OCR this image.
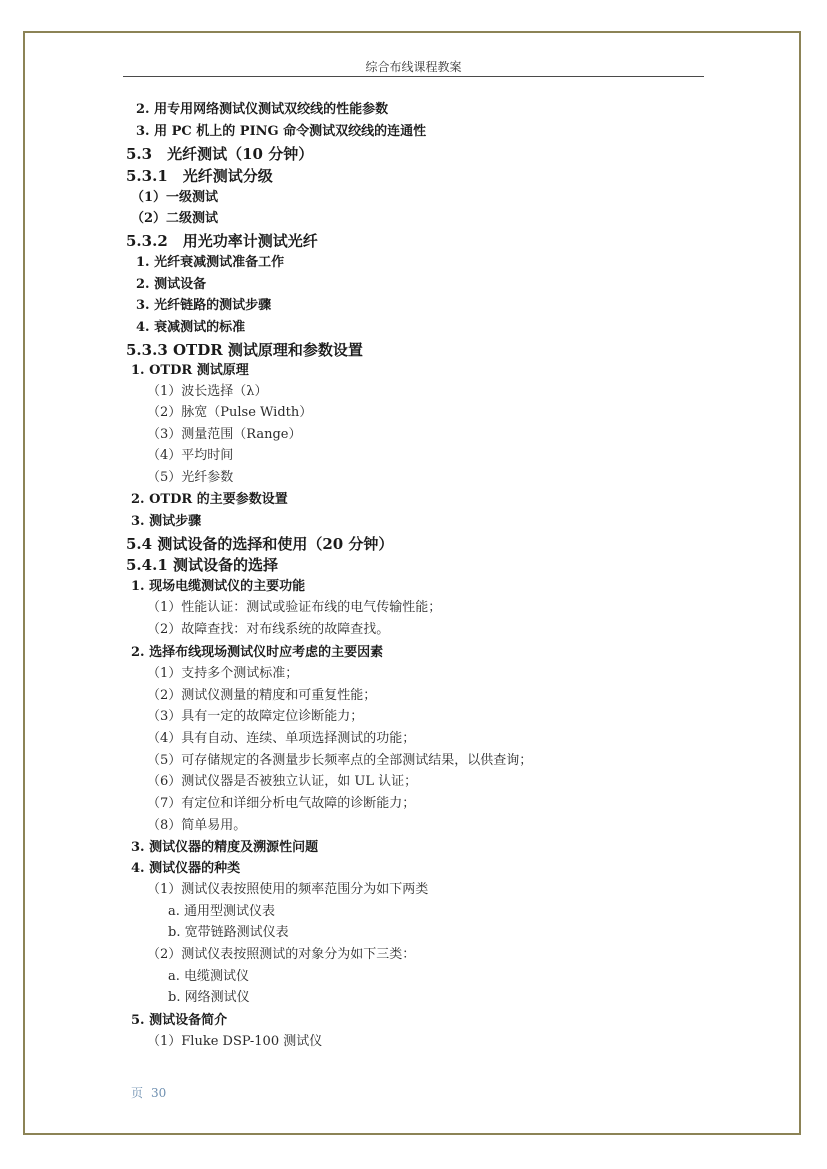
综合布线课程教案
2. 用专用网络测试仪测试双绞线的性能参数
3. 用 PC 机上的 PING 命令测试双绞线的连通性
5.3　光纤测试（10 分钟）
5.3.1　光纤测试分级
（1）一级测试
（2）二级测试
5.3.2　用光功率计测试光纤
1. 光纤衰减测试准备工作
2. 测试设备
3. 光纤链路的测试步骤
4. 衰减测试的标准
5.3.3 OTDR 测试原理和参数设置
1. OTDR 测试原理
（1）波长选择（λ）
（2）脉宽（Pulse Width）
（3）测量范围（Range）
（4）平均时间
（5）光纤参数
2. OTDR 的主要参数设置
3. 测试步骤
5.4 测试设备的选择和使用（20 分钟）
5.4.1 测试设备的选择
1. 现场电缆测试仪的主要功能
（1）性能认证：测试或验证布线的电气传输性能；
（2）故障查找：对布线系统的故障查找。
2. 选择布线现场测试仪时应考虑的主要因素
（1）支持多个测试标准；
（2）测试仪测量的精度和可重复性能；
（3）具有一定的故障定位诊断能力；
（4）具有自动、连续、单项选择测试的功能；
（5）可存储规定的各测量步长频率点的全部测试结果，以供查询；
（6）测试仪器是否被独立认证，如 UL 认证；
（7）有定位和详细分析电气故障的诊断能力；
（8）简单易用。
3. 测试仪器的精度及溯源性问题
4. 测试仪器的种类
（1）测试仪表按照使用的频率范围分为如下两类
a. 通用型测试仪表
b. 宽带链路测试仪表
（2）测试仪表按照测试的对象分为如下三类：
a. 电缆测试仪
b. 网络测试仪
5. 测试设备简介
（1）Fluke DSP-100 测试仪
页 30
